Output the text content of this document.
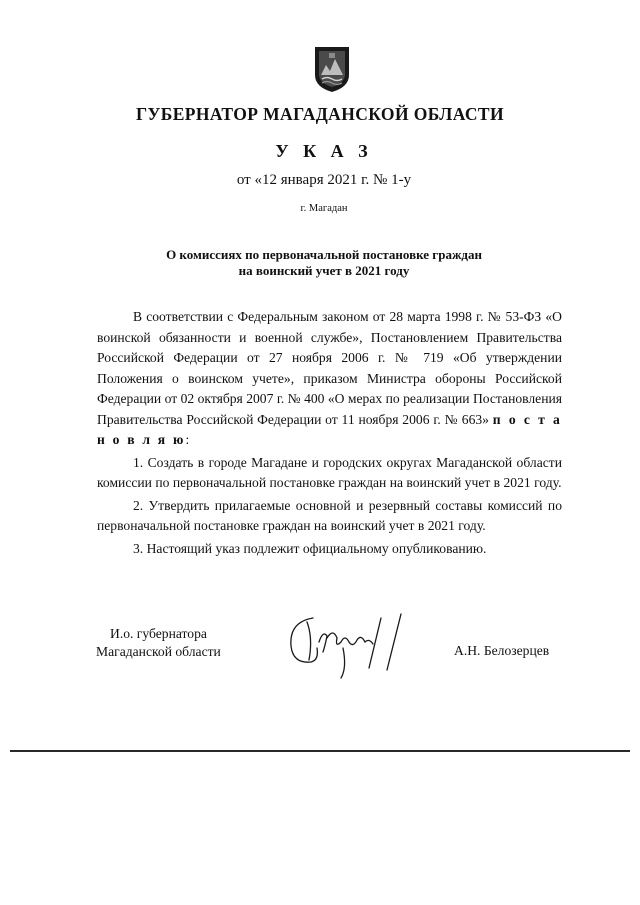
ГУБЕРНАТОР МАГАДАНСКОЙ ОБЛАСТИ
У К А З
от «12 января 2021 г. № 1-у
г. Магадан
О комиссиях по первоначальной постановке граждан
на воинский учет в 2021 году

В соответствии с Федеральным законом от 28 марта 1998 г. № 53-ФЗ «О воинской обязанности и военной службе», Постановлением Правительства Российской Федерации от 27 ноября 2006 г. № 719 «Об утверждении Положения о воинском учете», приказом Министра обороны Российской Федерации от 02 октября 2007 г. № 400 «О мерах по реализации Постановления Правительства Российской Федерации от 11 ноября 2006 г. № 663» п о с т а н о в л я ю:

1. Создать в городе Магадане и городских округах Магаданской области комиссии по первоначальной постановке граждан на воинский учет в 2021 году.

2. Утвердить прилагаемые основной и резервный составы комиссий по первоначальной постановке граждан на воинский учет в 2021 году.

3. Настоящий указ подлежит официальному опубликованию.

И.о. губернатора
Магаданской области	А.Н. Белозерцев
